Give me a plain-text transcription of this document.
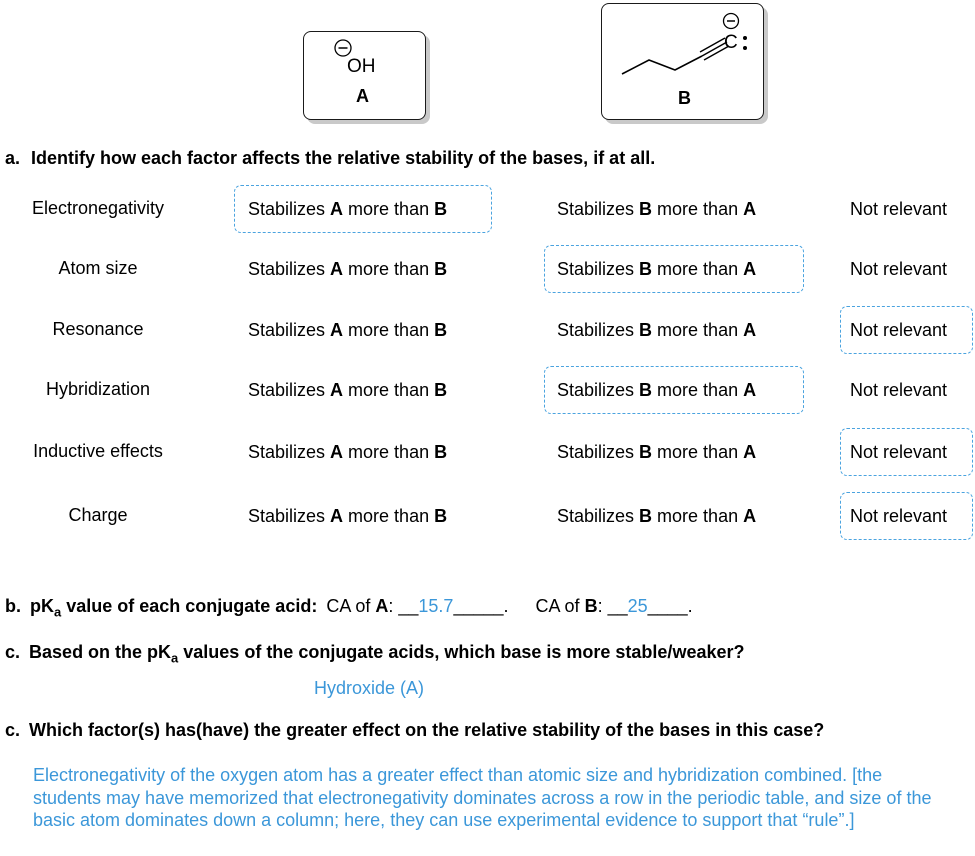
OH
A
C
B
a. Identify how each factor affects the relative stability of the bases, if at all.
Electronegativity	Stabilizes A more than B	Stabilizes B more than A	Not relevant
Atom size	Stabilizes A more than B	Stabilizes B more than A	Not relevant
Resonance	Stabilizes A more than B	Stabilizes B more than A	Not relevant
Hybridization	Stabilizes A more than B	Stabilizes B more than A	Not relevant
Inductive effects	Stabilizes A more than B	Stabilizes B more than A	Not relevant
Charge	Stabilizes A more than B	Stabilizes B more than A	Not relevant
b. $pK_a$ value of each conjugate acid: CA of A: __15.7_____. CA of B: __25____.
c. Based on the $pK_a$ values of the conjugate acids, which base is more stable/weaker?
Hydroxide (A)
c. Which factor(s) has(have) the greater effect on the relative stability of the bases in this case?
Electronegativity of the oxygen atom has a greater effect than atomic size and hybridization combined. [the students may have memorized that electronegativity dominates across a row in the periodic table, and size of the basic atom dominates down a column; here, they can use experimental evidence to support that “rule”.]
